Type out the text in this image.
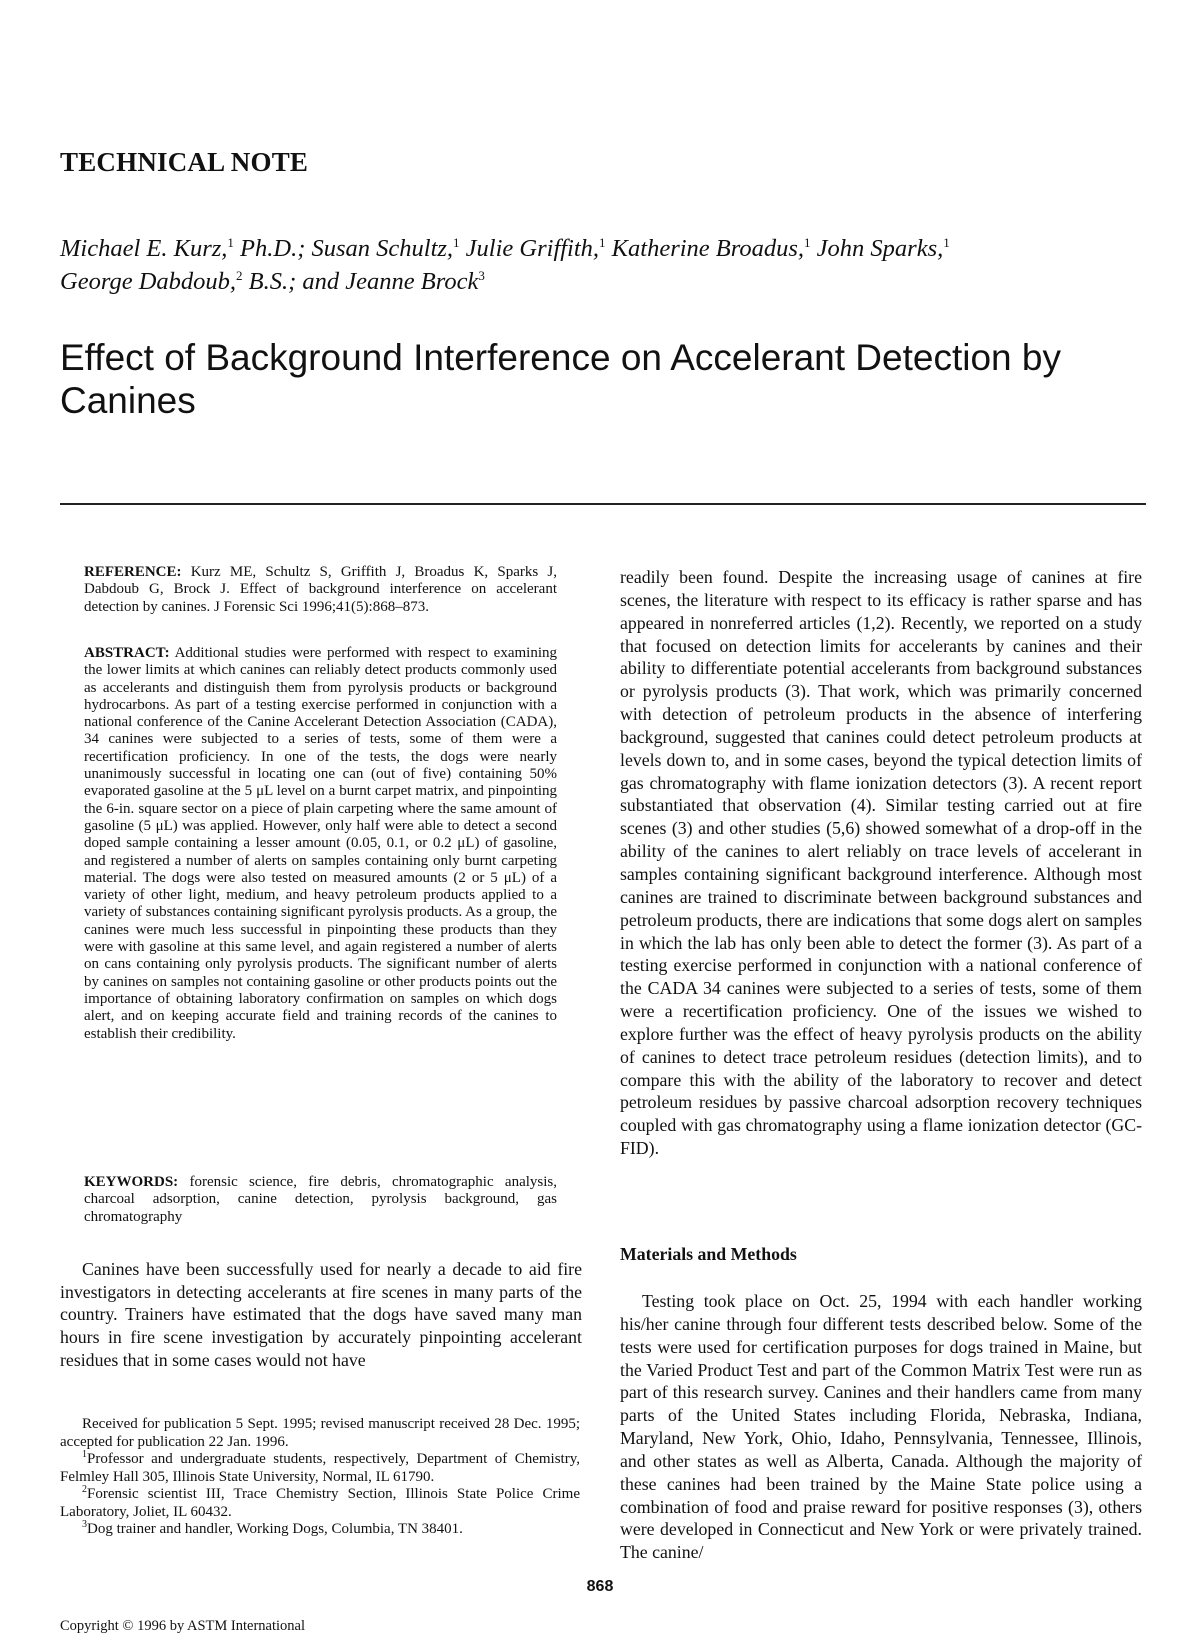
TECHNICAL NOTE
Michael E. Kurz,$^1$ Ph.D.; Susan Schultz,$^1$ Julie Griffith,$^1$ Katherine Broadus,$^1$ John Sparks,$^1$
George Dabdoub,$^2$ B.S.; and Jeanne Brock$^3$
Effect of Background Interference on Accelerant Detection by Canines
REFERENCE: Kurz ME, Schultz S, Griffith J, Broadus K, Sparks J, Dabdoub G, Brock J. Effect of background interference on accelerant detection by canines. J Forensic Sci 1996;41(5):868–873.
ABSTRACT: Additional studies were performed with respect to examining the lower limits at which canines can reliably detect products commonly used as accelerants and distinguish them from pyrolysis products or background hydrocarbons. As part of a testing exercise performed in conjunction with a national conference of the Canine Accelerant Detection Association (CADA), 34 canines were subjected to a series of tests, some of them were a recertification proficiency. In one of the tests, the dogs were nearly unanimously successful in locating one can (out of five) containing 50% evaporated gasoline at the 5 μL level on a burnt carpet matrix, and pinpointing the 6-in. square sector on a piece of plain carpeting where the same amount of gasoline (5 μL) was applied. However, only half were able to detect a second doped sample containing a lesser amount (0.05, 0.1, or 0.2 μL) of gasoline, and registered a number of alerts on samples containing only burnt carpeting material. The dogs were also tested on measured amounts (2 or 5 μL) of a variety of other light, medium, and heavy petroleum products applied to a variety of substances containing significant pyrolysis products. As a group, the canines were much less successful in pinpointing these products than they were with gasoline at this same level, and again registered a number of alerts on cans containing only pyrolysis products. The significant number of alerts by canines on samples not containing gasoline or other products points out the importance of obtaining laboratory confirmation on samples on which dogs alert, and on keeping accurate field and training records of the canines to establish their credibility.
KEYWORDS: forensic science, fire debris, chromatographic analysis, charcoal adsorption, canine detection, pyrolysis background, gas chromatography
Canines have been successfully used for nearly a decade to aid fire investigators in detecting accelerants at fire scenes in many parts of the country. Trainers have estimated that the dogs have saved many man hours in fire scene investigation by accurately pinpointing accelerant residues that in some cases would not have

Received for publication 5 Sept. 1995; revised manuscript received 28 Dec. 1995; accepted for publication 22 Jan. 1996.

$^1$Professor and undergraduate students, respectively, Department of Chemistry, Felmley Hall 305, Illinois State University, Normal, IL 61790.

$^2$Forensic scientist III, Trace Chemistry Section, Illinois State Police Crime Laboratory, Joliet, IL 60432.

$^3$Dog trainer and handler, Working Dogs, Columbia, TN 38401.

readily been found. Despite the increasing usage of canines at fire scenes, the literature with respect to its efficacy is rather sparse and has appeared in nonreferred articles (1,2). Recently, we reported on a study that focused on detection limits for accelerants by canines and their ability to differentiate potential accelerants from background substances or pyrolysis products (3). That work, which was primarily concerned with detection of petroleum products in the absence of interfering background, suggested that canines could detect petroleum products at levels down to, and in some cases, beyond the typical detection limits of gas chromatography with flame ionization detectors (3). A recent report substantiated that observation (4). Similar testing carried out at fire scenes (3) and other studies (5,6) showed somewhat of a drop-off in the ability of the canines to alert reliably on trace levels of accelerant in samples containing significant background interference. Although most canines are trained to discriminate between background substances and petroleum products, there are indications that some dogs alert on samples in which the lab has only been able to detect the former (3). As part of a testing exercise performed in conjunction with a national conference of the CADA 34 canines were subjected to a series of tests, some of them were a recertification proficiency. One of the issues we wished to explore further was the effect of heavy pyrolysis products on the ability of canines to detect trace petroleum residues (detection limits), and to compare this with the ability of the laboratory to recover and detect petroleum residues by passive charcoal adsorption recovery techniques coupled with gas chromatography using a flame ionization detector (GC-FID).
Materials and Methods
Testing took place on Oct. 25, 1994 with each handler working his/her canine through four different tests described below. Some of the tests were used for certification purposes for dogs trained in Maine, but the Varied Product Test and part of the Common Matrix Test were run as part of this research survey. Canines and their handlers came from many parts of the United States including Florida, Nebraska, Indiana, Maryland, New York, Ohio, Idaho, Pennsylvania, Tennessee, Illinois, and other states as well as Alberta, Canada. Although the majority of these canines had been trained by the Maine State police using a combination of food and praise reward for positive responses (3), others were developed in Connecticut and New York or were privately trained. The canine/
868
Copyright © 1996 by ASTM International
